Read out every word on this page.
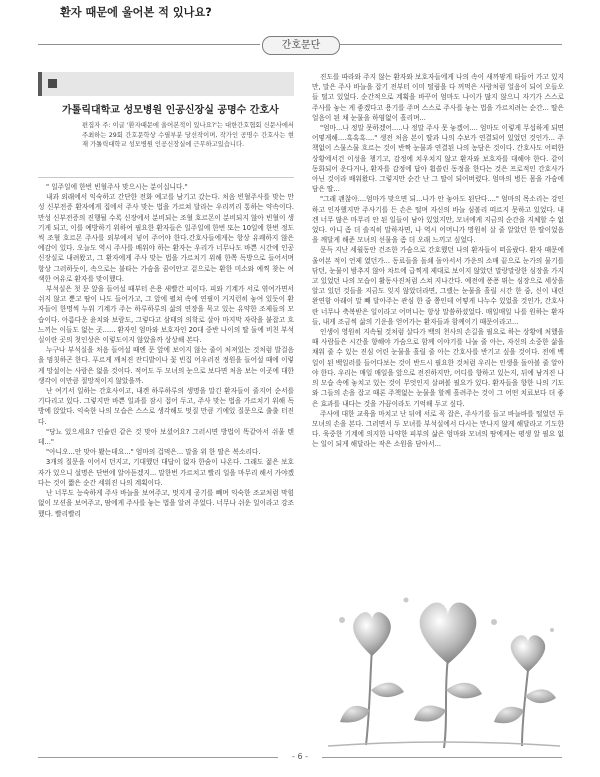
간호문단
환자 때문에 울어본 적 있나요?
가톨릭대학교 성모병원 인공신장실 공명수 간호사
편집자 주: 이글 '환자때문에 울어본적이 있나요?'는 대한간호협회 신문사에서 주최하는 29회 간호문학상 수필부분 당선작이며, 작가인 공명수 간호사는 현재 가톨릭대학교 성모병원 인공신장실에 근무하고있습니다.

" 일주일에 한번 빈혈주사 맞으시는 분이십니다."

내과 외래에서 익숙하고 간단한 전화 예고를 남기고 갔는다. 처음 빈혈주사를 맞는 만성 신부전증 환자에게 집에서 주사 맞는 법을 가르쳐 달라는 우리끼리 통하는 약속이다. 만성 신부전증의 진행될 수록 신장에서 분비되는 조혈 호르몬이 분비되지 않아 빈혈이 생기게 되고, 이를 예방하기 위하여 필요한 환자들은 일주일에 한번 또는 10일에 한번 정도 씩 조혈 호르몬 주사를 외부에서 넣어 주어야 한다.간호사들에게는 항상 유쾌하지 않은 예감이 있다. 오늘도 역시 주사를 배워야 하는 환자는 우리가 너무나도 바쁜 시간에 인공신장실로 내려왔고, 그 환자에게 주사 맞는 법을 가르치기 위해 한쪽 독방으로 들어서며 항상 그러하듯이, 속으로는 불타는 가슴을 꿈어안고 겉으로는 환한 미소와 예찍 찾는 여색한 여유로 환자를 맞이했다.

부석실은 첫 문 앞을 들어설 때부터 은용 새빨간 피이다. 피와 기계가 서로 엮여가면서 쉬지 않고 뿐고 땀이 나도 들어가고, 그 앞에 펼쳐 속에 연필이 거지런히 놓여 있듯이 환자들이 한명씩 누워 기계가 주는 하루하루의 삶의 연장을 묵고 있는 유약한 조제들의 모습이다. 아름다운 윤치와 보람도, 그렇다고 삼태의 의학로 살아 마지막 자락을 붙잡고 흐느끼는 이들도 없는 곳...... 환자인 엄마와 보호자인 20대 중반 나이의 딸 둘에 비친 부석실이란 곳의 첫인상은 이렇도이지 않았을까 상상해 본다.

누구나 부석실을 처음 들어설 때엔 문 앞에 보이지 않는 줄이 처져있는 것처럼 발걸음을 멈칫하곤 한다. 푸르게 깨처진 잔디밭이나 꽃 빈집 어우러진 정원을 들어설 때에 이렇게 망설이는 사람은 없을 것이다. 적어도 두 모녀의 눈으로 보다면 처음 보는 이곳에 대한 생각이 이만큼 절망적이지 않았을까.

난 여기서 일하는 간호사이고, 내겐 하루하루의 생명을 말긴 환자들이 줄지어 순서를 기다리고 있다. 그렇지만 바쁜 일과를 잠시 접어 두고, 주사 맞는 법을 가르치기 위해 독방에 앉았다. 익숙한 나의 모습은 스스로 생각해도 멋질 만큼 기에있 질문으로 출출 터진다.

"당뇨 있으세요? 인슐린 같은 것 맞아 보셨어요? 그러시면 방법이 똑같아서 쉬울 텐데..."

"아니오...안 맞아 봤는데요..." 엄마의 겁먹은... 말을 위 한 딸은 복소리다.

3개의 질문을 이어서 던지고, 기대했던 대답이 없자 한숨이 나온다. 그래도 젊은 보호자가 있으니 설명은 단번에 알아듣겠지... 말한번 가르치고 빨리 일을 마무리 해서 가야겠다는 것이 짧은 순간 세워진 나의 계획이다.

난 너무도 능숙하게 주사 바늘을 보여주고, 멋지게 공기를 빼며 익숙한 조교처럼 막힘없이 모션을 보여주고, 땀에게 주사를 놓는 법을 알려 주었다. 너무나 쉬운 일이라고 강조했다. 빨리빨리

진도를 따라와 주지 않는 환자와 보호자들에게 나의 속이 새까맣게 타들어 가고 있지만, 말은 주사 바늘을 잡기 전부터 이미 떨림을 다 꺼먹은 사람처럼 얼음이 되어 오들오들 떨고 있었다. 순간적으로 계획을 바꾸어 엄마도 나이가 많지 않으니 자기가 스스로 주사를 놓는 게 좋겠다고 용기를 주며 스스로 주사를 놓는 법을 가르치려는 순간... 딸은 얼음이 된 채 눈물을 하염없이 흘리며...

"엄마...나 정말 못하겠어.....나 정말 주사 못 놓겠어.... 엄마도 이렇게 무섭하게 되면 어떻게해....흑흑흑...." 생전 처음 본이 딸과 나의 수보가 연결되어 있었던 것인가... 주책없이 스물스물 흐르는 것이 반짝 눈물과 연결된 나의 농담은 것이다. 간호사도 어떠한 상황에서건 이성을 챙기고, 감정에 치우치지 않고 환자와 보호자를 대해야 한다. 같이 동화되어 운다거나, 환자를 감정에 답아 휩쓸린 동정을 한다는 것은 프로적인 간호사가 아닌 것이라 배워왔다. 그렇지만 순간 난 그 딸이 되어버렸다. 엄마의 병든 몸을 가슴에 담은 딸...

"그래 괜찮아....엄마가 맞으면 되...나가 안 놓아도 된단다...." 엄마의 목소리는 강인하고 인자했지만 주사기를 든 손은 떨며 자신의 바늘 심볼리 떠르지 못하고 있었다. 내겐 너무 많은 마무리 안 된 일들이 남아 있었지만, 모녀에게 지금의 순간을 지체할 수 없었다. 아니 좀 더 솔직히 말하자면, 나 역시 어머니가 명원히 살 줄 알았던 한 딸이었음을 깨달게 해준 모녀의 선물을 좀 더 오래 느끼고 싶었다.

문득 지난 세월동안 건조한 가슴으로 간호했던 나의 환자들이 떠올랐다. 환자 때문에 울어본 적이 언제 였던가... 동료들을 돌쇄 돌아서서 가운의 소매 끝으로 눈가의 물기를 닦던, 눈물이 밤추지 않아 차트에 급찍게 제대로 보이지 않았던 말랑말랑한 심장을 가지고 있었던 나의 모습이 활동사진처럼 스쳐 지나간다. 예전에 퐁퐁 뛰는 심장으로 세상을 알고 있던 것들을 지금도 잊지 않았더라면, 그랬는 눈물을 흘릴 시간 한 줌, 신이 내린 완연함 아래이 말 빼 달아주는 관심 한 줌 쯤인데 어떻게 나누수 있었을 것인가, 간호사란 너무나 축복받은 일이라고 어머니는 항상 말씀하셨었다. 매일매일 나를 원하는 환자들, 내게 조금씩 삶의 기운을 얻어가는 환자들과 함께이기 때문이라고...

인생이 영원히 지속될 것처럼 살다가 백의 천사의 손길을 필요로 하는 상황에 처했을 때 사람들은 시간을 향해야 가슴으로 함께 이야기를 나눌 줄 아는, 자신의 소중한 삶을 채워 줄 수 있는 진심 어린 눈물을 흘릴 줄 아는 간호사를 반기고 싶을 것이다. 전에 백일이 된 백일러를 들어다보는 것이 반드시 필요한 것처럼 우리는 인생을 돌아볼 줄 알아야 한다. 우리는 매일 매일을 앞으로 전진하지만, 어디를 향하고 있는지, 뒤에 남겨진 나의 모습 속에 놓치고 있는 것이 무엇인지 살펴볼 필요가 있다. 환자들을 향한 나의 기도와 그들의 손을 잡고 때론 주책없는 눈물을 할께 흘려주는 것이 그 어떤 치료보다 더 좋은 효과를 내다는 것을 가끔이라도 기억해 두고 싶다.

주사에 대한 교육을 마치고 난 뒤에 서로 꼭 잡은, 주사기를 들고 바늘바를 떨었던 두 모녀의 손을 본다. 그러면서 두 모녀를 부석실에서 다시는 만나지 않게 해달라고 기도한다. 육중한 기계에 의지한 나약한 피부의 삶은 엄마와 모녀의 땀에게는 평생 알 필요 없는 일이 되게 해달라는 작은 소원을 담아서...

- 6 -
